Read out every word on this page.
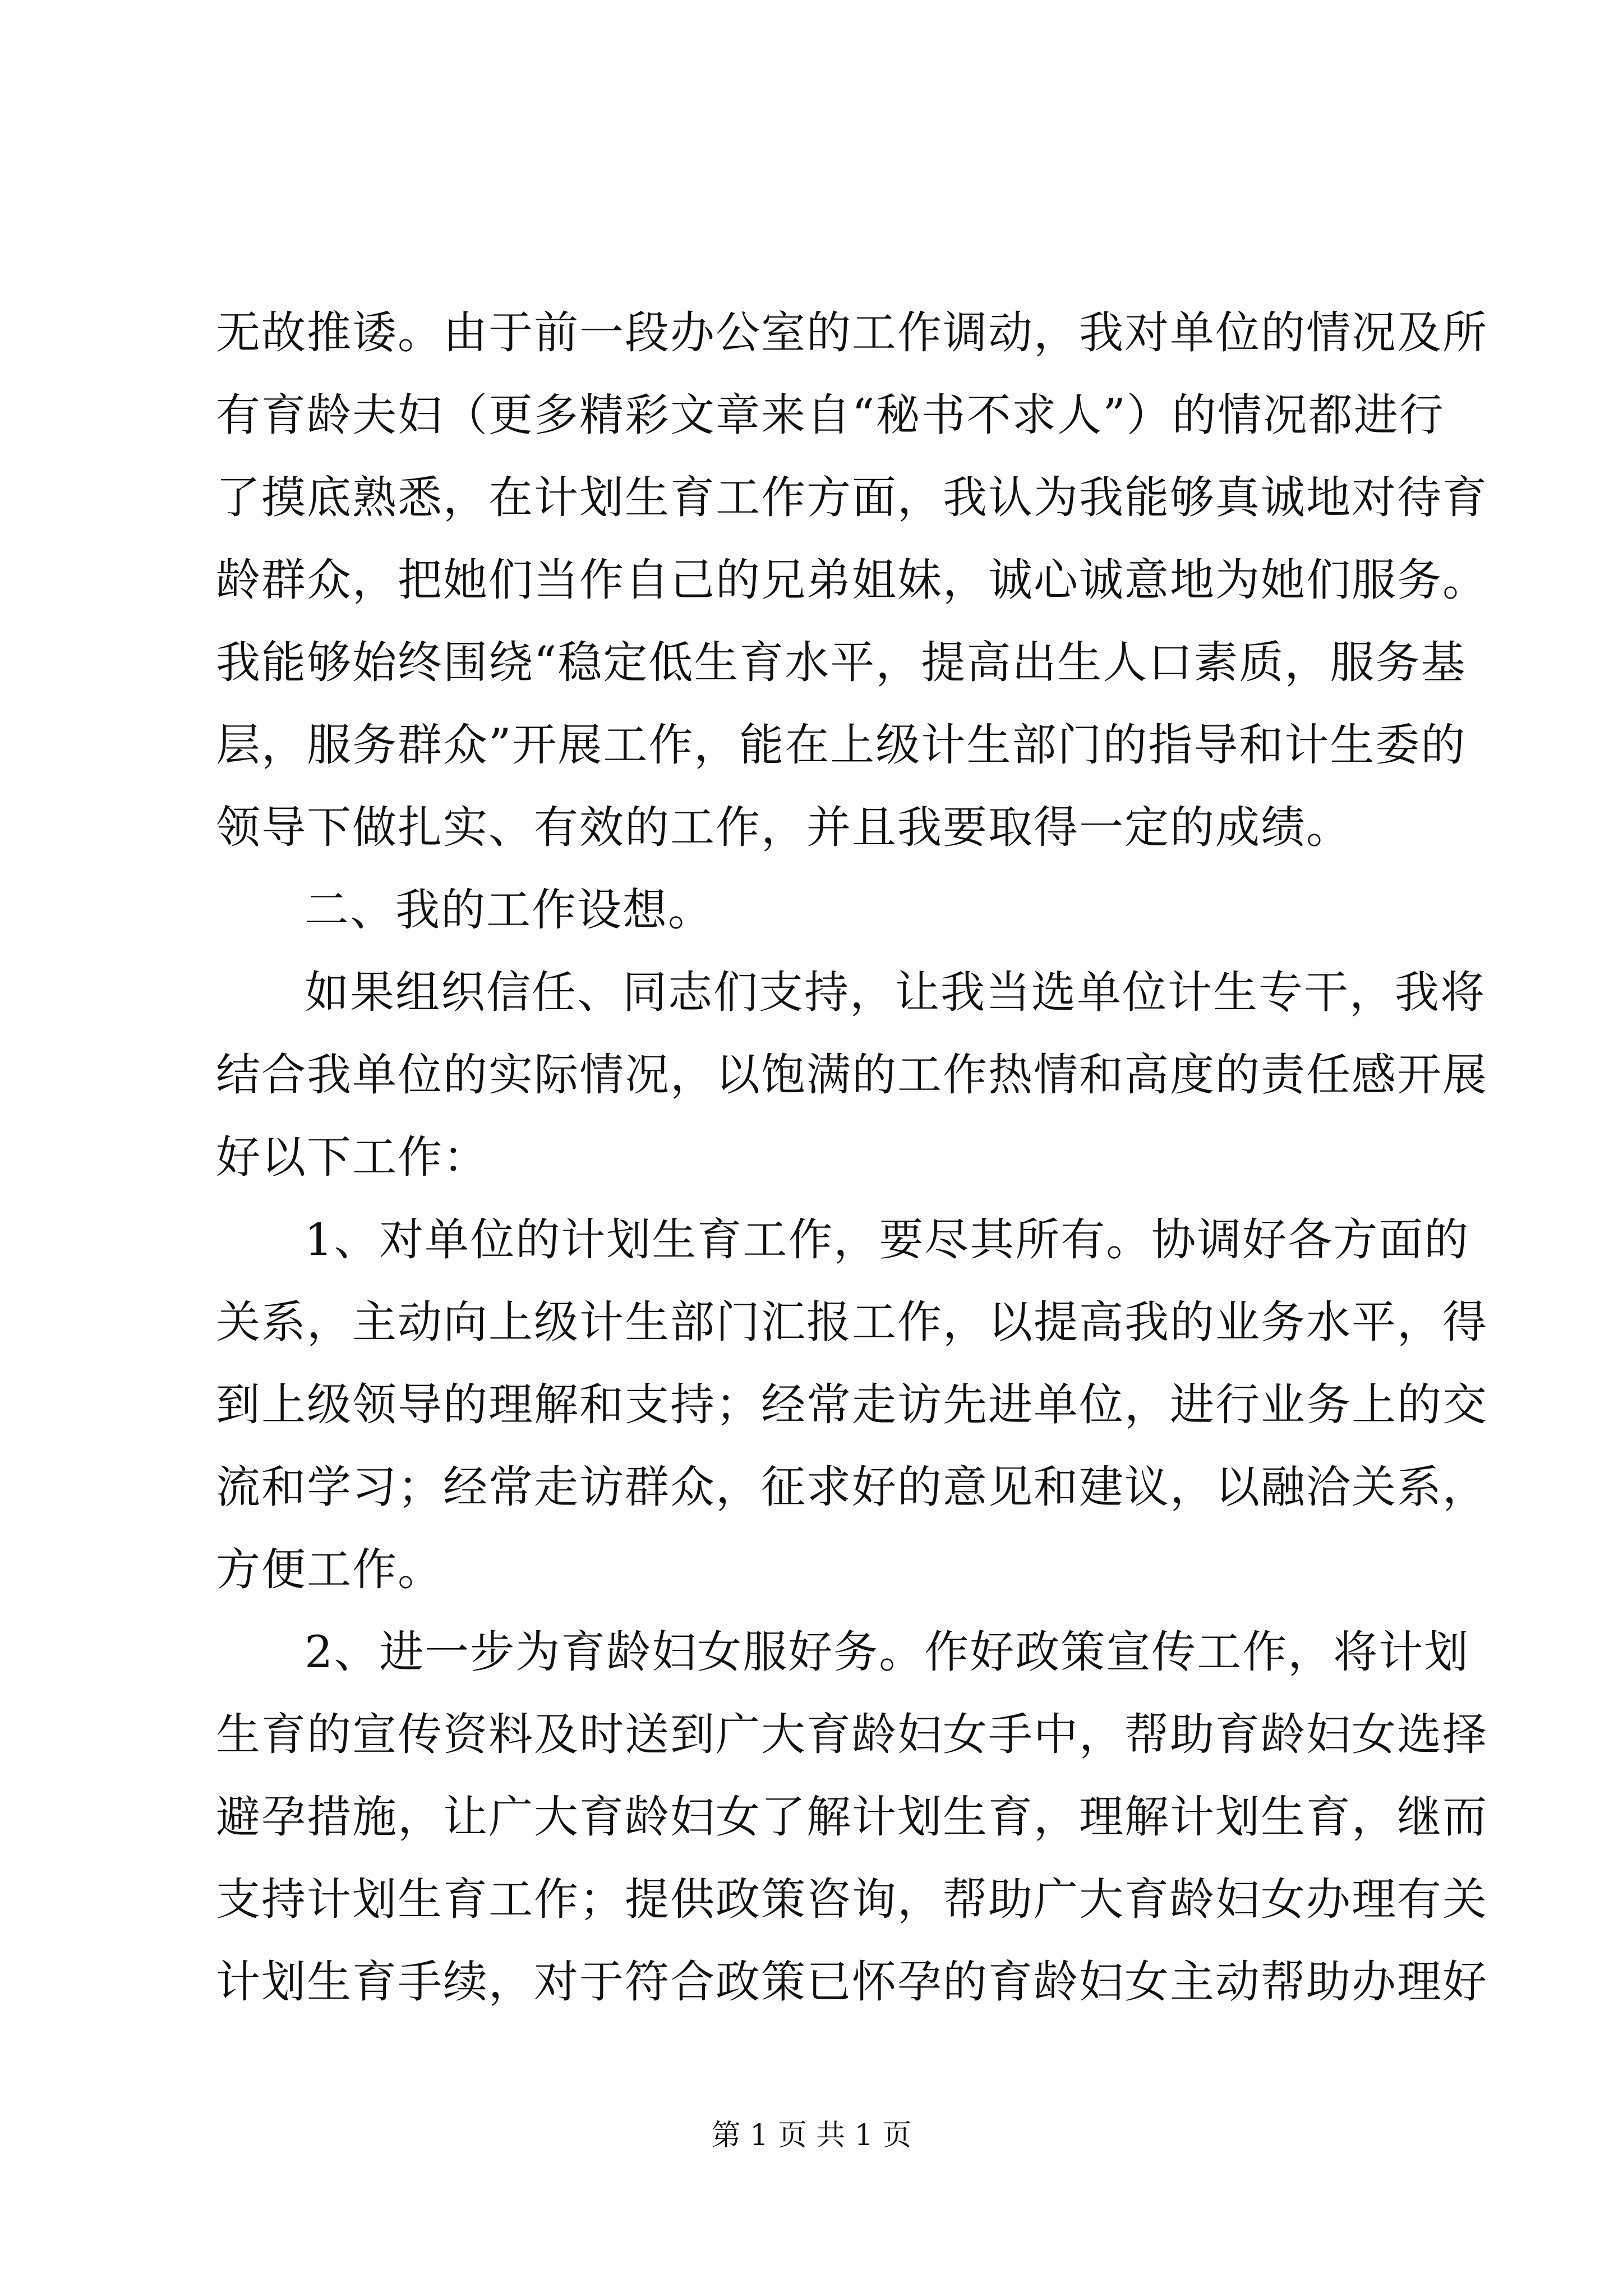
无故推诿。由于前一段办公室的工作调动，我对单位的情况及所
有育龄夫妇（更多精彩文章来自“秘书不求人”）的情况都进行
了摸底熟悉，在计划生育工作方面，我认为我能够真诚地对待育
龄群众，把她们当作自己的兄弟姐妹，诚心诚意地为她们服务。
我能够始终围绕“稳定低生育水平，提高出生人口素质，服务基
层，服务群众”开展工作，能在上级计生部门的指导和计生委的
领导下做扎实、有效的工作，并且我要取得一定的成绩。
二、我的工作设想。
如果组织信任、同志们支持，让我当选单位计生专干，我将
结合我单位的实际情况，以饱满的工作热情和高度的责任感开展
好以下工作：
1、对单位的计划生育工作，要尽其所有。协调好各方面的
关系，主动向上级计生部门汇报工作，以提高我的业务水平，得
到上级领导的理解和支持；经常走访先进单位，进行业务上的交
流和学习；经常走访群众，征求好的意见和建议，以融洽关系，
方便工作。
2、进一步为育龄妇女服好务。作好政策宣传工作，将计划
生育的宣传资料及时送到广大育龄妇女手中，帮助育龄妇女选择
避孕措施，让广大育龄妇女了解计划生育，理解计划生育，继而
支持计划生育工作；提供政策咨询，帮助广大育龄妇女办理有关
计划生育手续，对于符合政策已怀孕的育龄妇女主动帮助办理好
第 1 页 共 1 页
